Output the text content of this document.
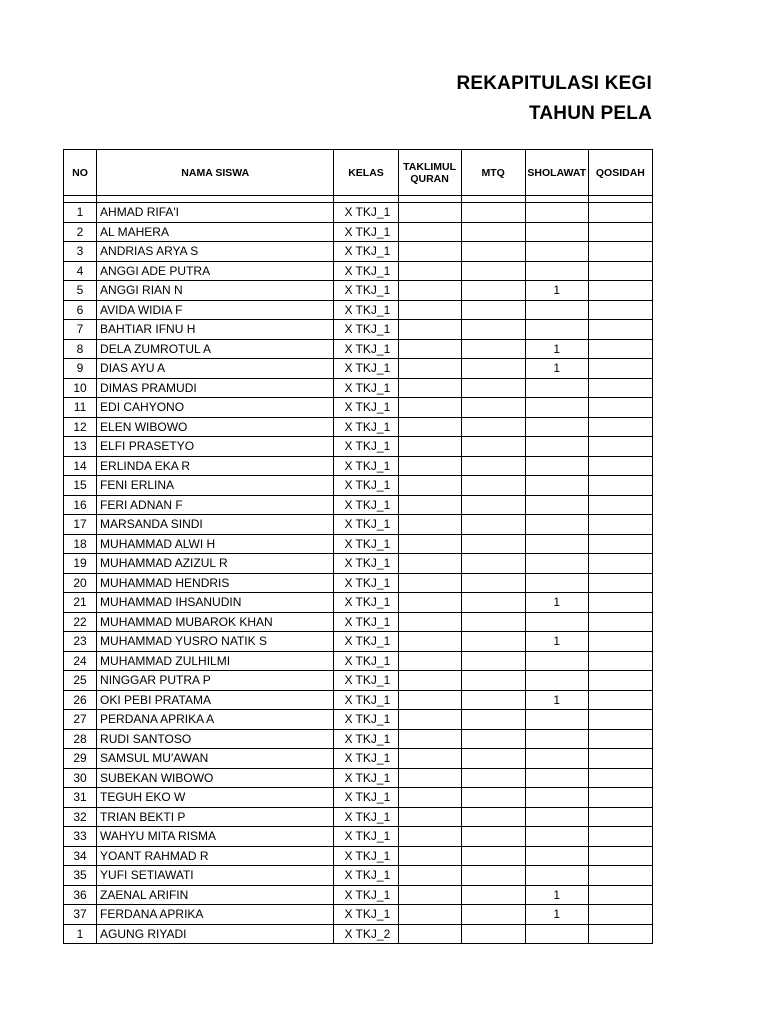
REKAPITULASI KEGI
TAHUN PELA
NO	NAMA SISWA	KELAS	TAKLIMUL QURAN	MTQ	SHOLAWAT	QOSIDAH

1	AHMAD RIFA'I	X TKJ_1				
2	AL MAHERA	X TKJ_1				
3	ANDRIAS ARYA S	X TKJ_1				
4	ANGGI ADE PUTRA	X TKJ_1				
5	ANGGI RIAN N	X TKJ_1			1	
6	AVIDA WIDIA F	X TKJ_1				
7	BAHTIAR IFNU H	X TKJ_1				
8	DELA ZUMROTUL A	X TKJ_1			1	
9	DIAS AYU A	X TKJ_1			1	
10	DIMAS PRAMUDI	X TKJ_1				
11	EDI CAHYONO	X TKJ_1				
12	ELEN WIBOWO	X TKJ_1				
13	ELFI PRASETYO	X TKJ_1				
14	ERLINDA EKA R	X TKJ_1				
15	FENI ERLINA	X TKJ_1				
16	FERI ADNAN F	X TKJ_1				
17	MARSANDA SINDI	X TKJ_1				
18	MUHAMMAD ALWI H	X TKJ_1				
19	MUHAMMAD AZIZUL R	X TKJ_1				
20	MUHAMMAD HENDRIS	X TKJ_1				
21	MUHAMMAD IHSANUDIN	X TKJ_1			1	
22	MUHAMMAD MUBAROK KHAN	X TKJ_1				
23	MUHAMMAD YUSRO NATIK S	X TKJ_1			1	
24	MUHAMMAD ZULHILMI	X TKJ_1				
25	NINGGAR PUTRA P	X TKJ_1				
26	OKI PEBI PRATAMA	X TKJ_1			1	
27	PERDANA APRIKA A	X TKJ_1				
28	RUDI SANTOSO	X TKJ_1				
29	SAMSUL MU'AWAN	X TKJ_1				
30	SUBEKAN WIBOWO	X TKJ_1				
31	TEGUH EKO W	X TKJ_1				
32	TRIAN BEKTI P	X TKJ_1				
33	WAHYU MITA RISMA	X TKJ_1				
34	YOANT RAHMAD R	X TKJ_1				
35	YUFI SETIAWATI	X TKJ_1				
36	ZAENAL ARIFIN	X TKJ_1			1	
37	FERDANA APRIKA	X TKJ_1			1	
1	AGUNG RIYADI	X TKJ_2				
